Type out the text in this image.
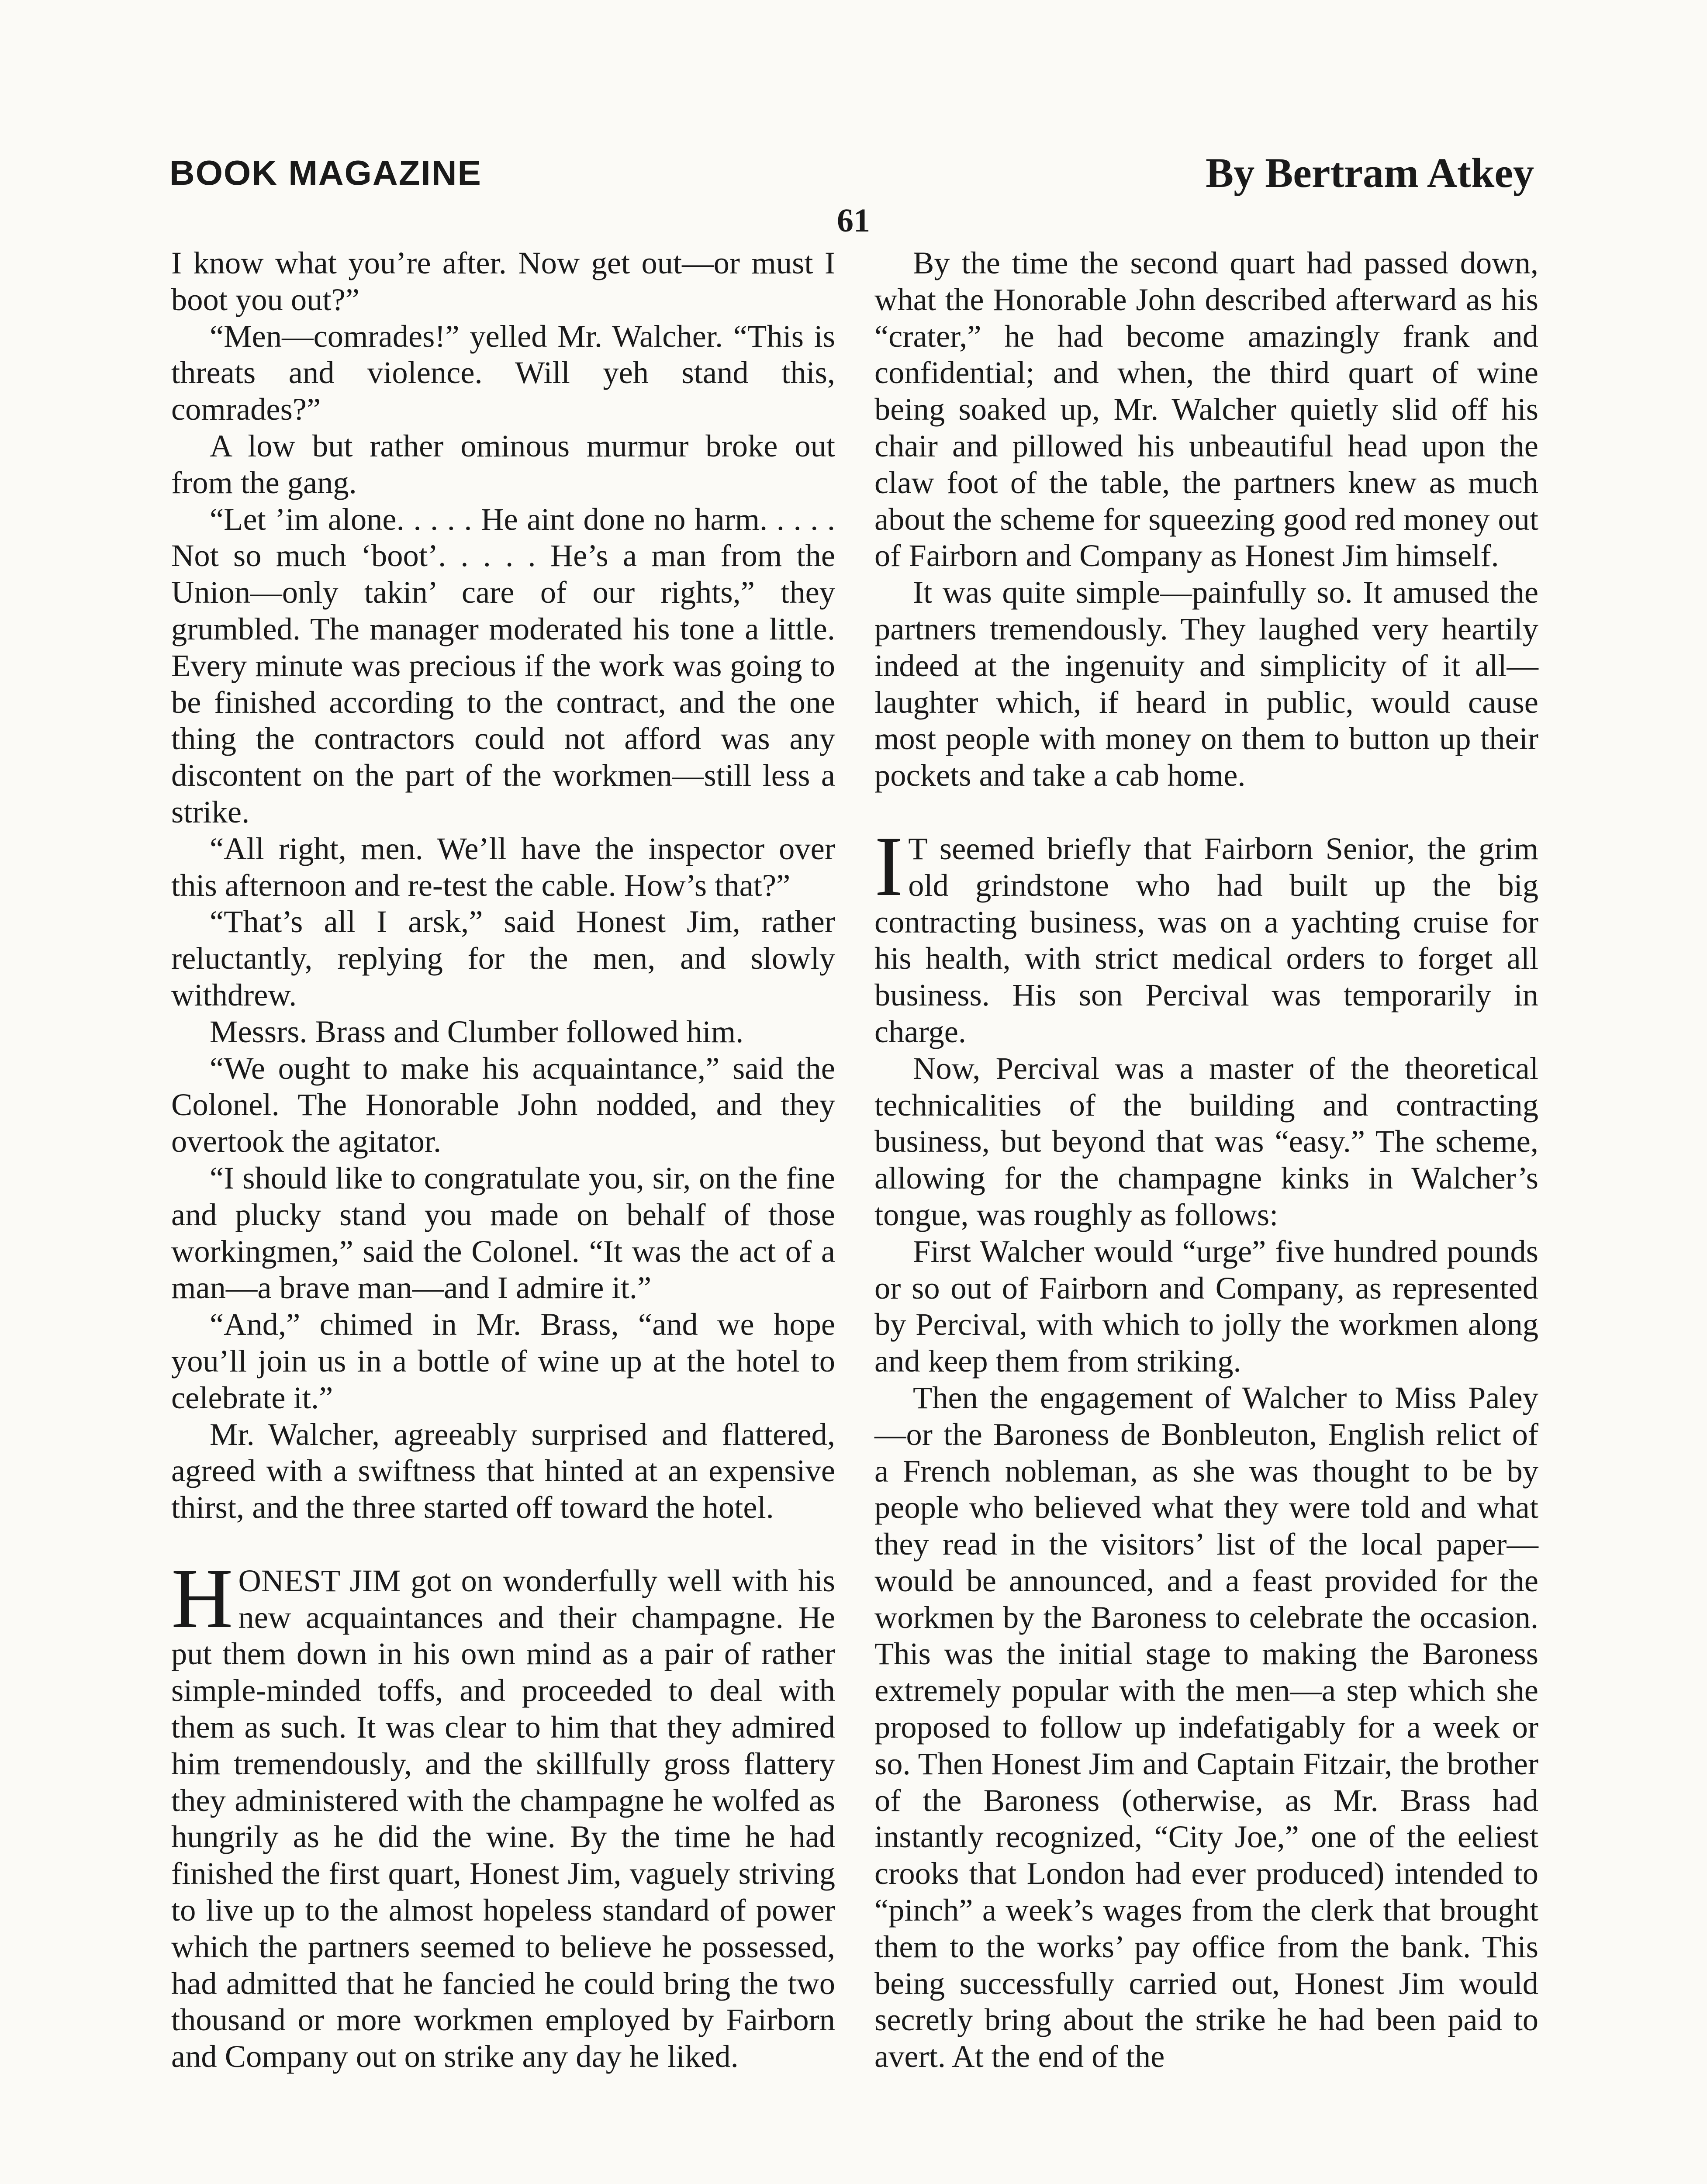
BOOK MAGAZINE	By Bertram Atkey
61

I know what you’re after. Now get out—or must I boot you out?”

“Men—comrades!” yelled Mr. Walcher. “This is threats and violence. Will yeh stand this, comrades?”

A low but rather ominous murmur broke out from the gang.

“Let ’im alone. . . . . He aint done no harm. . . . . Not so much ‘boot’. . . . . He’s a man from the Union—only takin’ care of our rights,” they grumbled. The manager moderated his tone a little. Every minute was precious if the work was going to be finished according to the contract, and the one thing the contractors could not afford was any discontent on the part of the workmen—still less a strike.

“All right, men. We’ll have the inspector over this afternoon and re-test the cable. How’s that?”

“That’s all I arsk,” said Honest Jim, rather reluctantly, replying for the men, and slowly withdrew.

Messrs. Brass and Clumber followed him.

“We ought to make his acquaintance,” said the Colonel. The Honorable John nodded, and they overtook the agitator.

“I should like to congratulate you, sir, on the fine and plucky stand you made on behalf of those workingmen,” said the Colonel. “It was the act of a man—a brave man—and I admire it.”

“And,” chimed in Mr. Brass, “and we hope you’ll join us in a bottle of wine up at the hotel to celebrate it.”

Mr. Walcher, agreeably surprised and flattered, agreed with a swiftness that hinted at an expensive thirst, and the three started off toward the hotel.

HONEST JIM got on wonderfully well with his new acquaintances and their champagne. He put them down in his own mind as a pair of rather simple-minded toffs, and proceeded to deal with them as such. It was clear to him that they admired him tremendously, and the skillfully gross flattery they administered with the champagne he wolfed as hungrily as he did the wine. By the time he had finished the first quart, Honest Jim, vaguely striving to live up to the almost hopeless standard of power which the partners seemed to believe he possessed, had admitted that he fancied he could bring the two thousand or more workmen employed by Fairborn and Company out on strike any day he liked.

By the time the second quart had passed down, what the Honorable John described afterward as his “crater,” he had become amazingly frank and confidential; and when, the third quart of wine being soaked up, Mr. Walcher quietly slid off his chair and pillowed his unbeautiful head upon the claw foot of the table, the partners knew as much about the scheme for squeezing good red money out of Fairborn and Company as Honest Jim himself.

It was quite simple—painfully so. It amused the partners tremendously. They laughed very heartily indeed at the ingenuity and simplicity of it all—laughter which, if heard in public, would cause most people with money on them to button up their pockets and take a cab home.

I T seemed briefly that Fairborn Senior, the grim old grindstone who had built up the big contracting business, was on a yachting cruise for his health, with strict medical orders to forget all business. His son Percival was temporarily in charge.

Now, Percival was a master of the theoretical technicalities of the building and contracting business, but beyond that was “easy.” The scheme, allowing for the champagne kinks in Walcher’s tongue, was roughly as follows:

First Walcher would “urge” five hundred pounds or so out of Fairborn and Company, as represented by Percival, with which to jolly the workmen along and keep them from striking.

Then the engagement of Walcher to Miss Paley—or the Baroness de Bonbleuton, English relict of a French nobleman, as she was thought to be by people who believed what they were told and what they read in the visitors’ list of the local paper—would be announced, and a feast provided for the workmen by the Baroness to celebrate the occasion. This was the initial stage to making the Baroness extremely popular with the men—a step which she proposed to follow up indefatigably for a week or so. Then Honest Jim and Captain Fitzair, the brother of the Baroness (otherwise, as Mr. Brass had instantly recognized, “City Joe,” one of the eeliest crooks that London had ever produced) intended to “pinch” a week’s wages from the clerk that brought them to the works’ pay office from the bank. This being successfully carried out, Honest Jim would secretly bring about the strike he had been paid to avert. At the end of the
